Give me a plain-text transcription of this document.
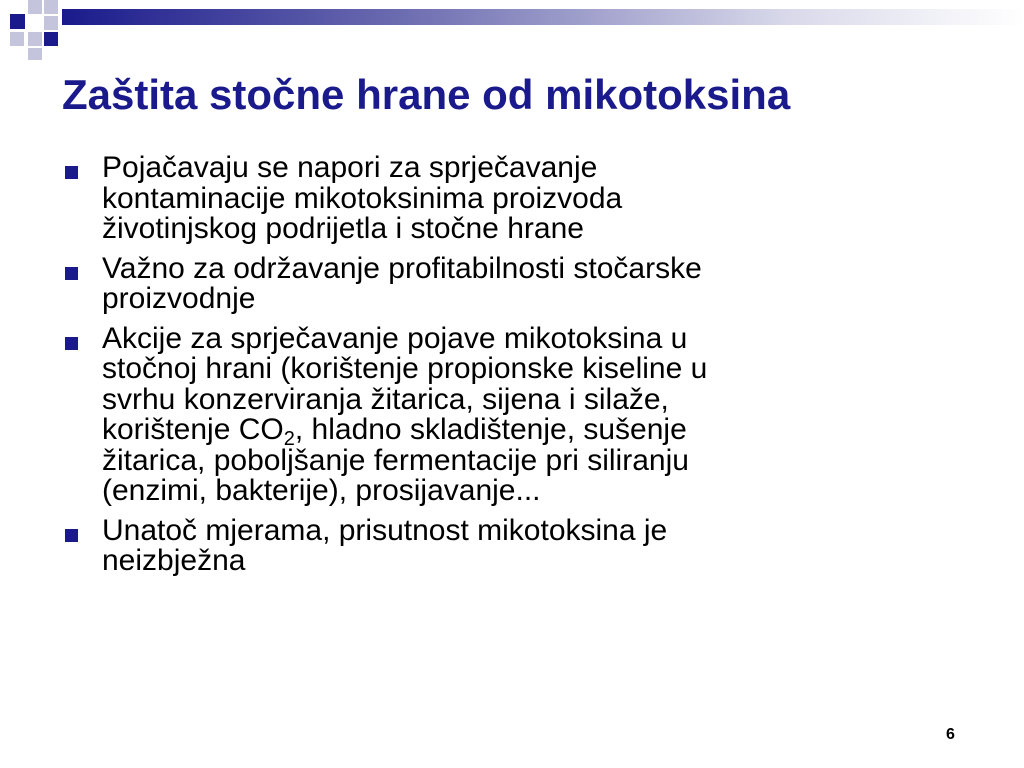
Zaštita stočne hrane od mikotoksina
Pojačavaju se napori za sprječavanje
kontaminacije mikotoksinima proizvoda
životinjskog podrijetla i stočne hrane
Važno za održavanje profitabilnosti stočarske
proizvodnje
Akcije za sprječavanje pojave mikotoksina u
stočnoj hrani (korištenje propionske kiseline u
svrhu konzerviranja žitarica, sijena i silaže,
korištenje $CO_2$, hladno skladištenje, sušenje
žitarica, poboljšanje fermentacije pri siliranju
(enzimi, bakterije), prosijavanje...
Unatoč mjerama, prisutnost mikotoksina je
neizbježna
6
